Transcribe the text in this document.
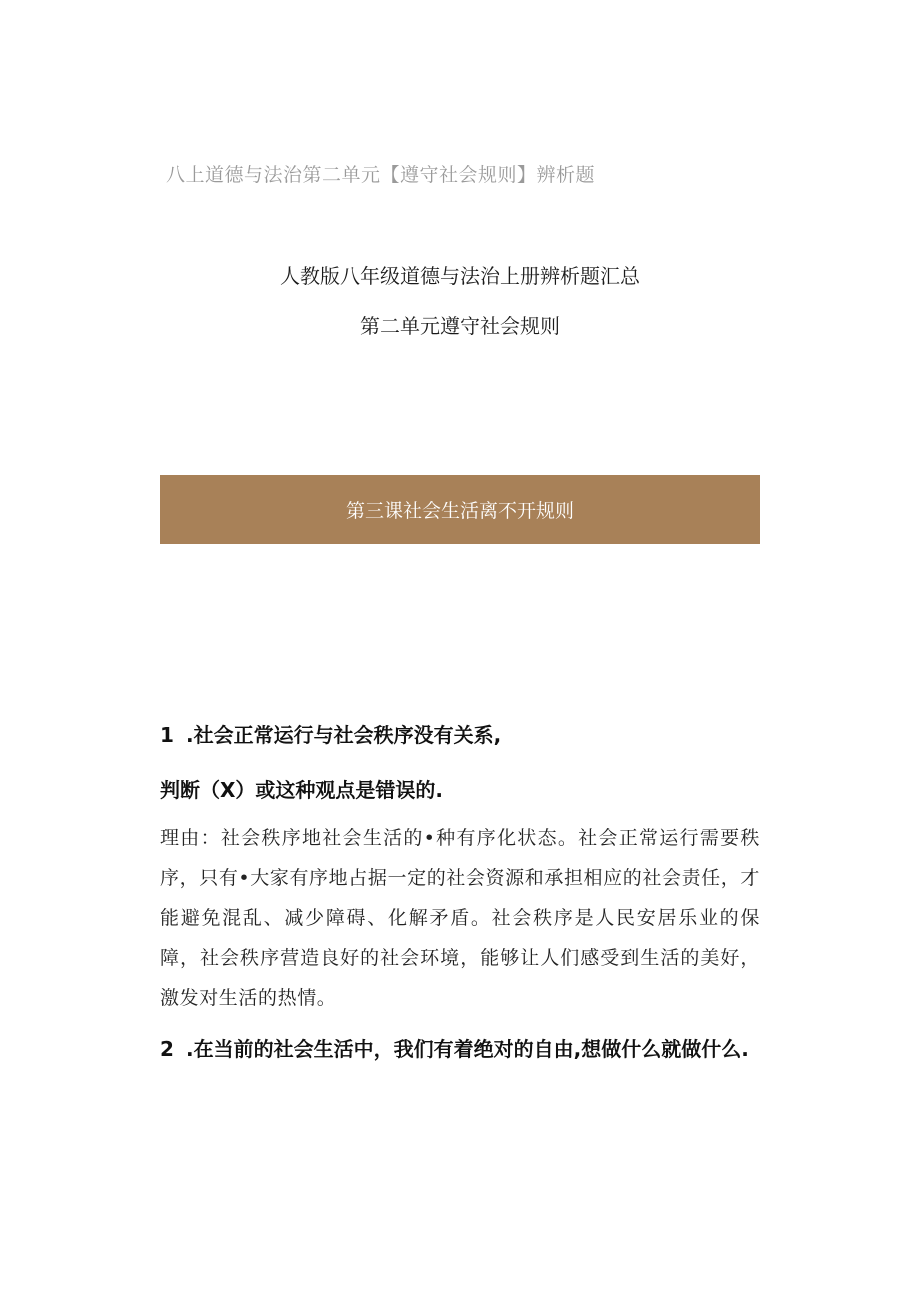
八上道德与法治第二单元【遵守社会规则】辨析题
人教版八年级道德与法治上册辨析题汇总
第二单元遵守社会规则
第三课社会生活离不开规则
1 .社会正常运行与社会秩序没有关系,
判断（X）或这种观点是错误的.
理由：社会秩序地社会生活的•种有序化状态。社会正常运行需要秩序，只有•大家有序地占据一定的社会资源和承担相应的社会责任，才能避免混乱、减少障碍、化解矛盾。社会秩序是人民安居乐业的保障，社会秩序营造良好的社会环境，能够让人们感受到生活的美好，激发对生活的热情。
2 .在当前的社会生活中，我们有着绝对的自由,想做什么就做什么.
